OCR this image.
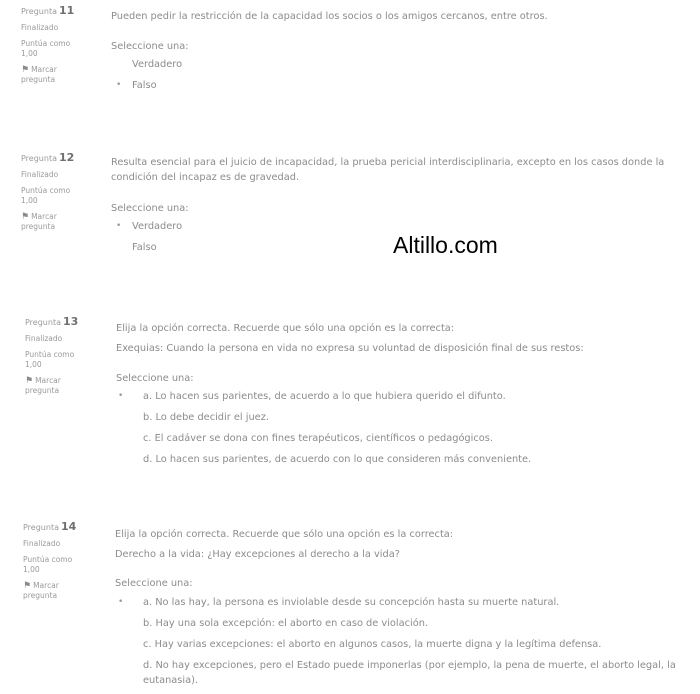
Pregunta 11
Finalizado
Puntúa como 1,00
⚑ Marcar pregunta
Pueden pedir la restricción de la capacidad los socios o los amigos cercanos, entre otros.
Seleccione una:
Verdadero
• Falso
Pregunta 12
Finalizado
Puntúa como 1,00
⚑ Marcar pregunta
Resulta esencial para el juicio de incapacidad, la prueba pericial interdisciplinaria, excepto en los casos donde la condición del incapaz es de gravedad.
Seleccione una:
• Verdadero
Falso	Altillo.com
Pregunta 13
Finalizado
Puntúa como 1,00
⚑ Marcar pregunta
Elija la opción correcta. Recuerde que sólo una opción es la correcta:
Exequias: Cuando la persona en vida no expresa su voluntad de disposición final de sus restos:
Seleccione una:
• a. Lo hacen sus parientes, de acuerdo a lo que hubiera querido el difunto.
b. Lo debe decidir el juez.
c. El cadáver se dona con fines terapéuticos, científicos o pedagógicos.
d. Lo hacen sus parientes, de acuerdo con lo que consideren más conveniente.
Pregunta 14
Finalizado
Puntúa como 1,00
⚑ Marcar pregunta
Elija la opción correcta. Recuerde que sólo una opción es la correcta:
Derecho a la vida: ¿Hay excepciones al derecho a la vida?
Seleccione una:
• a. No las hay, la persona es inviolable desde su concepción hasta su muerte natural.
b. Hay una sola excepción: el aborto en caso de violación.
c. Hay varias excepciones: el aborto en algunos casos, la muerte digna y la legítima defensa.
d. No hay excepciones, pero el Estado puede imponerlas (por ejemplo, la pena de muerte, el aborto legal, la eutanasia).
